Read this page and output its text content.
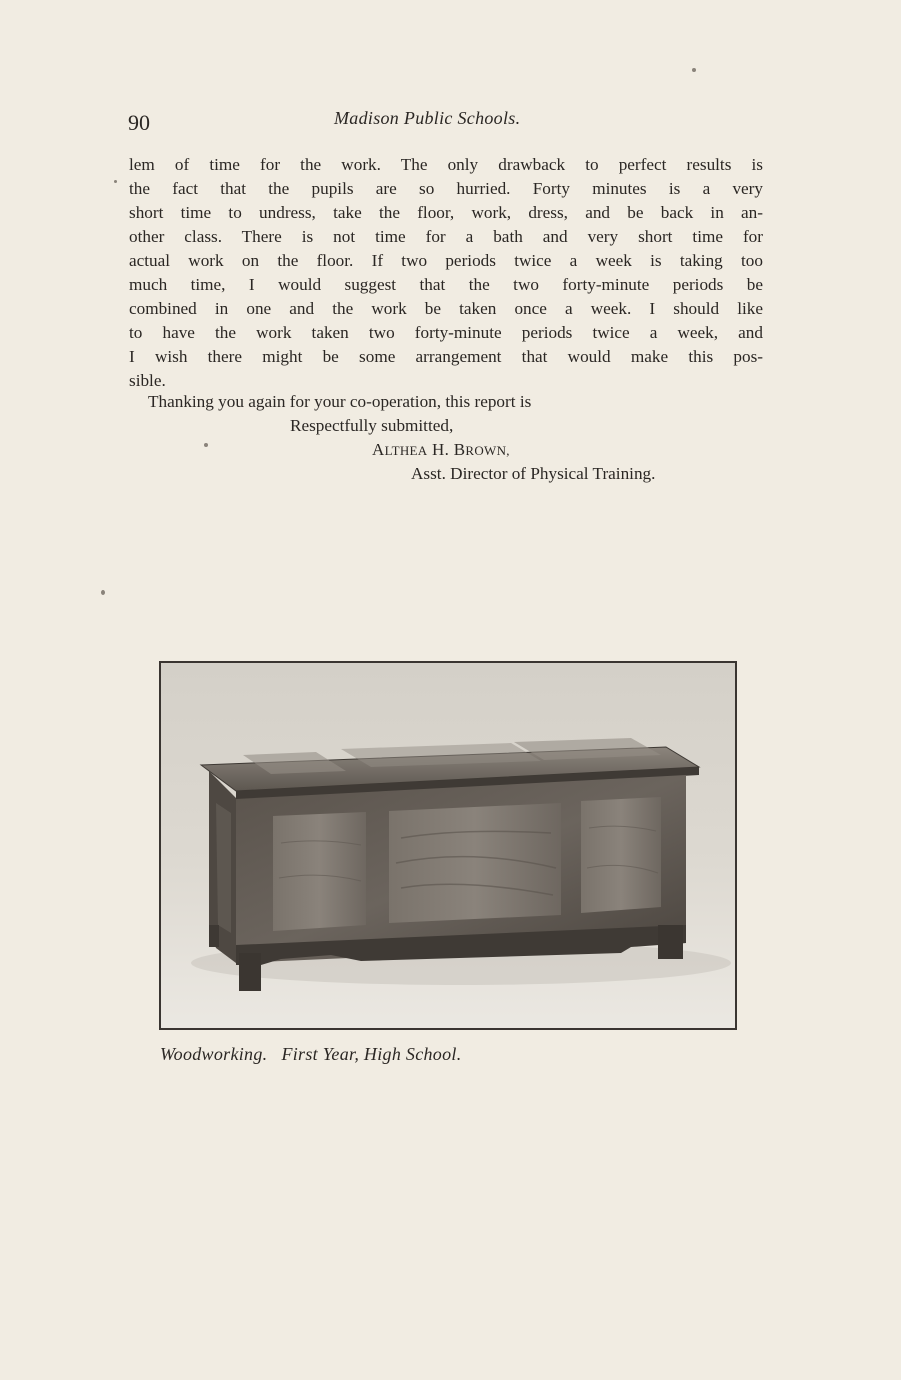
90	Madison Public Schools.
lem of time for the work. The only drawback to perfect results is
the fact that the pupils are so hurried. Forty minutes is a very
short time to undress, take the floor, work, dress, and be back in an-
other class. There is not time for a bath and very short time for
actual work on the floor. If two periods twice a week is taking too
much time, I would suggest that the two forty-minute periods be
combined in one and the work be taken once a week. I should like
to have the work taken two forty-minute periods twice a week, and
I wish there might be some arrangement that would make this pos-
sible.
Thanking you again for your co-operation, this report is
Respectfully submitted,
ALTHEA H. BROWN,
Asst. Director of Physical Training.
Woodworking. First Year, High School.
